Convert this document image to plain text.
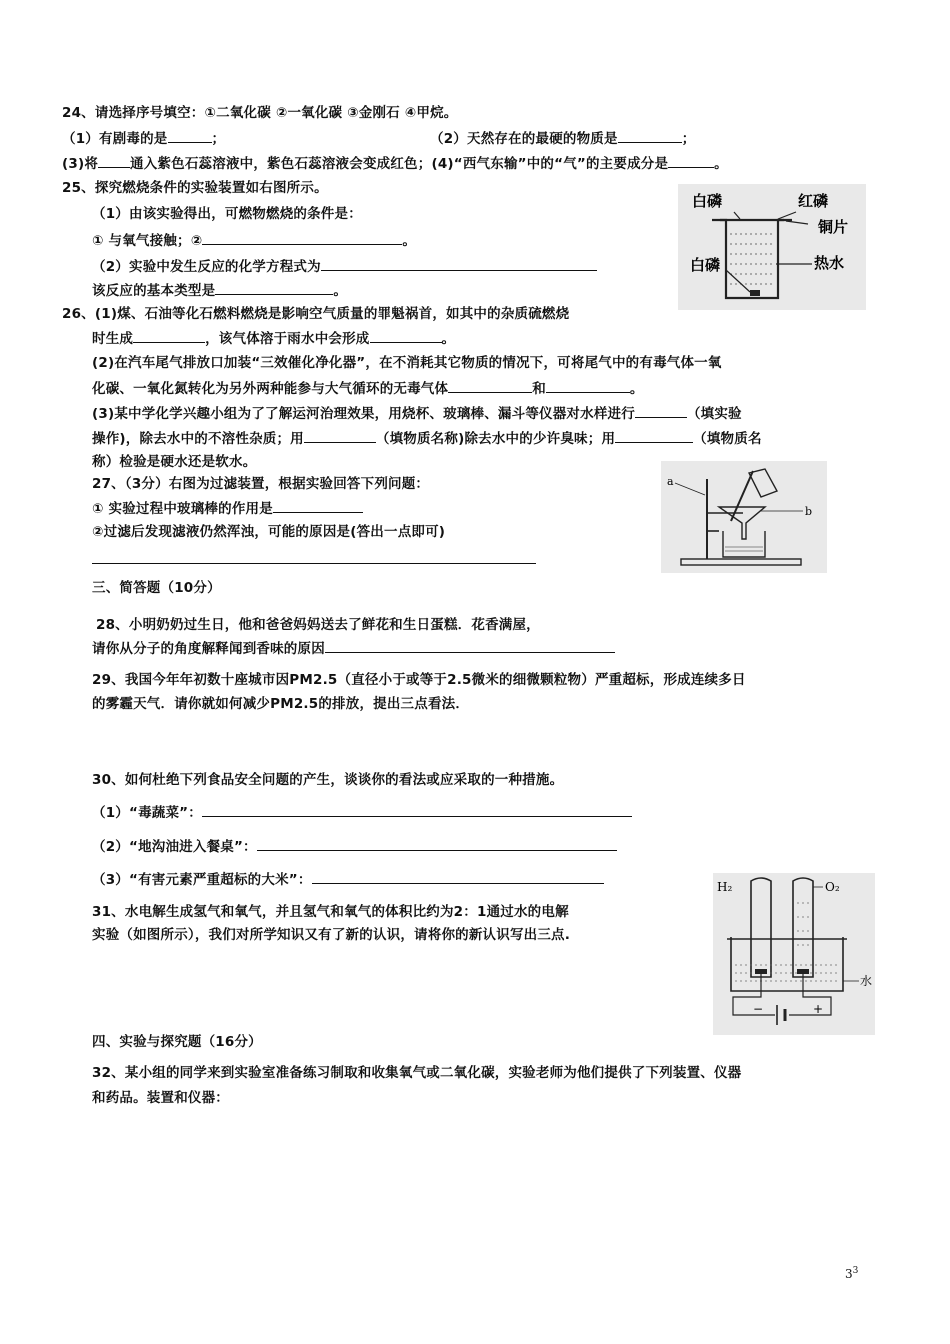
24、请选择序号填空：①二氧化碳 ②一氧化碳 ③金刚石 ④甲烷。
（1）有剧毒的是	；	（2）天然存在的最硬的物质是	；
(3)将 通入紫色石蕊溶液中，紫色石蕊溶液会变成红色；(4)“西气东输”中的“气”的主要成分是	。
25、探究燃烧条件的实验装置如右图所示。
（1）由该实验得出，可燃物燃烧的条件是：
① 与氧气接触；②	。
（2）实验中发生反应的化学方程式为
该反应的基本类型是	。
白磷	红磷
铜片
白磷	热水
26、(1)煤、石油等化石燃料燃烧是影响空气质量的罪魁祸首，如其中的杂质硫燃烧
时生成	，该气体溶于雨水中会形成	。
(2)在汽车尾气排放口加装“三效催化净化器”，在不消耗其它物质的情况下，可将尾气中的有毒气体一氧
化碳、一氧化氮转化为另外两种能参与大气循环的无毒气体	和	。
(3)某中学化学兴趣小组为了了解运河治理效果，用烧杯、玻璃棒、漏斗等仪器对水样进行	（填实验
操作)，除去水中的不溶性杂质；用	（填物质名称)除去水中的少许臭味；用	（填物质名
称）检验是硬水还是软水。
27、（3分）右图为过滤装置，根据实验回答下列问题：
① 实验过程中玻璃棒的作用是
②过滤后发现滤液仍然浑浊，可能的原因是(答出一点即可)
a
b
三、简答题（10分）
28、小明奶奶过生日，他和爸爸妈妈送去了鲜花和生日蛋糕．花香满屋，
请你从分子的角度解释闻到香味的原因
29、我国今年年初数十座城市因PM2.5（直径小于或等于2.5微米的细微颗粒物）严重超标，形成连续多日
的雾霾天气．请你就如何减少PM2.5的排放，提出三点看法．
30、如何杜绝下列食品安全问题的产生，谈谈你的看法或应采取的一种措施。
（1）“毒蔬菜”：
（2）“地沟油进入餐桌”：
（3）“有害元素严重超标的大米”：
31、水电解生成氢气和氧气，并且氢气和氧气的体积比约为2：1通过水的电解
实验（如图所示），我们对所学知识又有了新的认识，请将你的新认识写出三点.
H₂	O₂
水
−	+
四、实验与探究题（16分）
32、某小组的同学来到实验室准备练习制取和收集氧气或二氧化碳，实验老师为他们提供了下列装置、仪器
和药品。装置和仪器：
$3^3$
